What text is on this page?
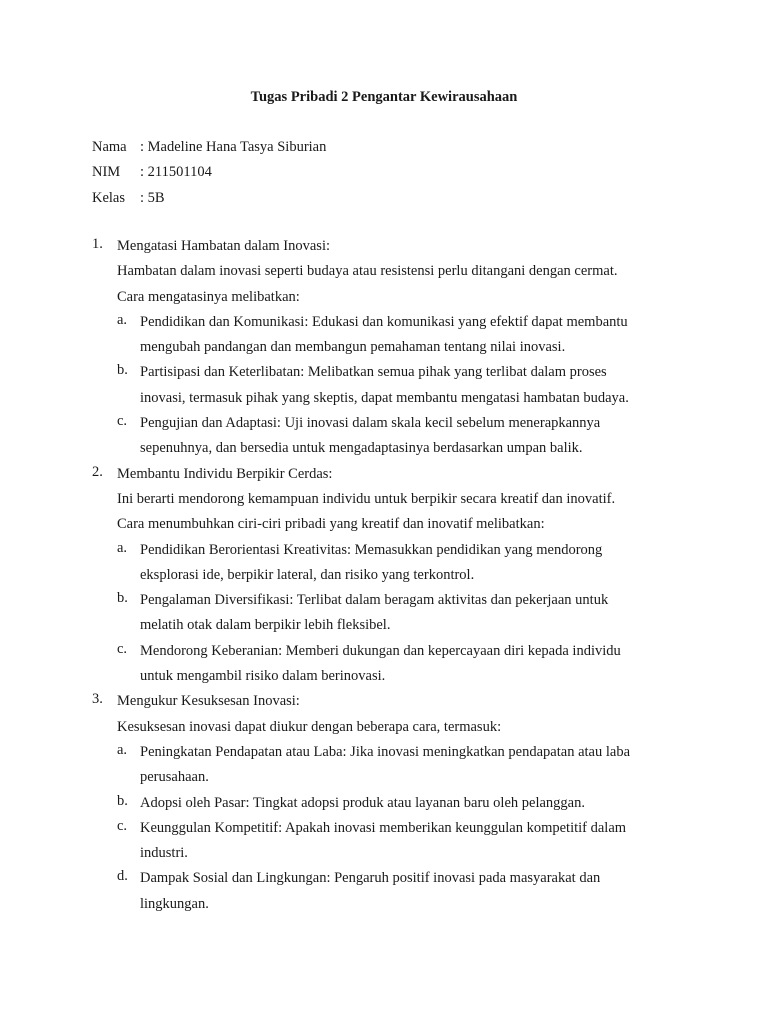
Tugas Pribadi 2 Pengantar Kewirausahaan
Nama : Madeline Hana Tasya Siburian
NIM : 211501104
Kelas : 5B
1. Mengatasi Hambatan dalam Inovasi:
Hambatan dalam inovasi seperti budaya atau resistensi perlu ditangani dengan cermat.
Cara mengatasinya melibatkan:
a. Pendidikan dan Komunikasi: Edukasi dan komunikasi yang efektif dapat membantu
mengubah pandangan dan membangun pemahaman tentang nilai inovasi.
b. Partisipasi dan Keterlibatan: Melibatkan semua pihak yang terlibat dalam proses
inovasi, termasuk pihak yang skeptis, dapat membantu mengatasi hambatan budaya.
c. Pengujian dan Adaptasi: Uji inovasi dalam skala kecil sebelum menerapkannya
sepenuhnya, dan bersedia untuk mengadaptasinya berdasarkan umpan balik.
2. Membantu Individu Berpikir Cerdas:
Ini berarti mendorong kemampuan individu untuk berpikir secara kreatif dan inovatif.
Cara menumbuhkan ciri-ciri pribadi yang kreatif dan inovatif melibatkan:
a. Pendidikan Berorientasi Kreativitas: Memasukkan pendidikan yang mendorong
eksplorasi ide, berpikir lateral, dan risiko yang terkontrol.
b. Pengalaman Diversifikasi: Terlibat dalam beragam aktivitas dan pekerjaan untuk
melatih otak dalam berpikir lebih fleksibel.
c. Mendorong Keberanian: Memberi dukungan dan kepercayaan diri kepada individu
untuk mengambil risiko dalam berinovasi.
3. Mengukur Kesuksesan Inovasi:
Kesuksesan inovasi dapat diukur dengan beberapa cara, termasuk:
a. Peningkatan Pendapatan atau Laba: Jika inovasi meningkatkan pendapatan atau laba
perusahaan.
b. Adopsi oleh Pasar: Tingkat adopsi produk atau layanan baru oleh pelanggan.
c. Keunggulan Kompetitif: Apakah inovasi memberikan keunggulan kompetitif dalam
industri.
d. Dampak Sosial dan Lingkungan: Pengaruh positif inovasi pada masyarakat dan
lingkungan.
